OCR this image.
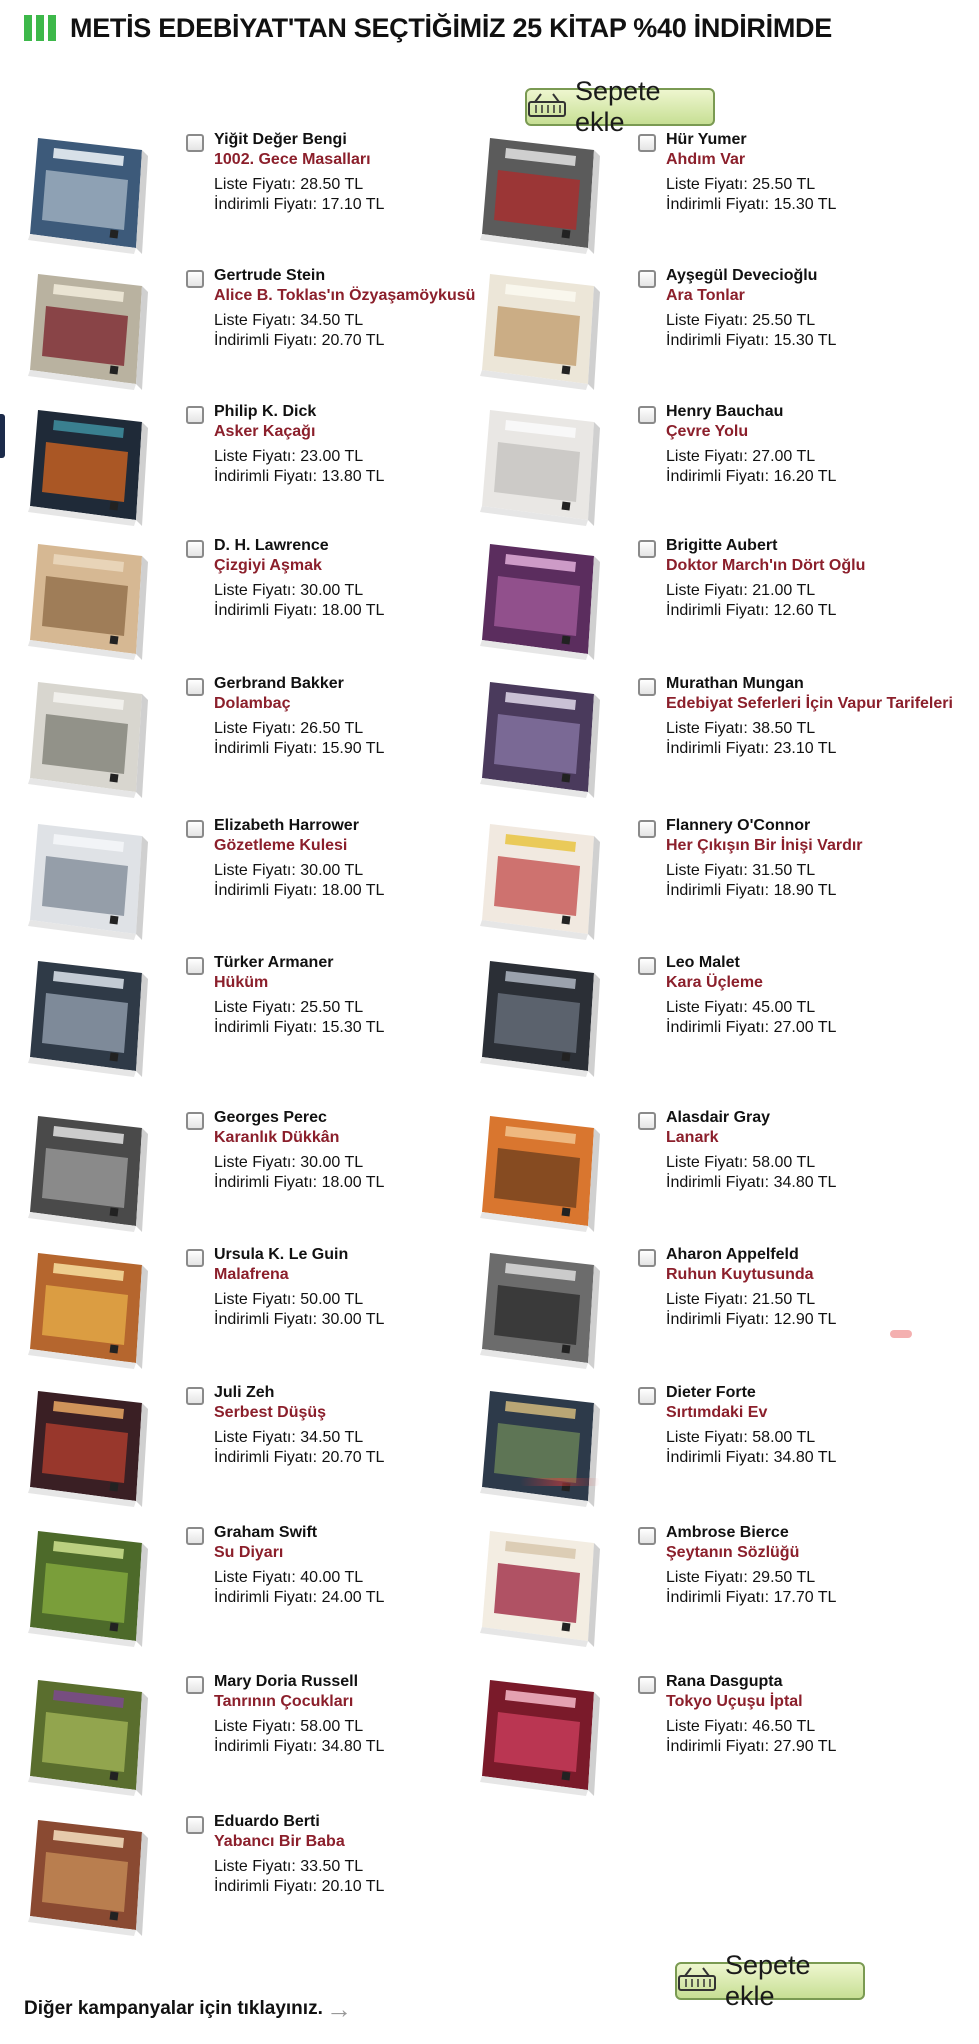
METİS EDEBİYAT'TAN SEÇTİĞİMİZ 25 KİTAP %40 İNDİRİMDE
Sepete ekle
Yiğit Değer Bengi
1002. Gece Masalları
Liste Fiyatı: 28.50 TL
İndirimli Fiyatı: 17.10 TL
Hür Yumer
Ahdım Var
Liste Fiyatı: 25.50 TL
İndirimli Fiyatı: 15.30 TL
Gertrude Stein
Alice B. Toklas'ın Özyaşamöykusü
Liste Fiyatı: 34.50 TL
İndirimli Fiyatı: 20.70 TL
Ayşegül Devecioğlu
Ara Tonlar
Liste Fiyatı: 25.50 TL
İndirimli Fiyatı: 15.30 TL
Philip K. Dick
Asker Kaçağı
Liste Fiyatı: 23.00 TL
İndirimli Fiyatı: 13.80 TL
Henry Bauchau
Çevre Yolu
Liste Fiyatı: 27.00 TL
İndirimli Fiyatı: 16.20 TL
D. H. Lawrence
Çizgiyi Aşmak
Liste Fiyatı: 30.00 TL
İndirimli Fiyatı: 18.00 TL
Brigitte Aubert
Doktor March'ın Dört Oğlu
Liste Fiyatı: 21.00 TL
İndirimli Fiyatı: 12.60 TL
Gerbrand Bakker
Dolambaç
Liste Fiyatı: 26.50 TL
İndirimli Fiyatı: 15.90 TL
Murathan Mungan
Edebiyat Seferleri İçin Vapur Tarifeleri
Liste Fiyatı: 38.50 TL
İndirimli Fiyatı: 23.10 TL
Elizabeth Harrower
Gözetleme Kulesi
Liste Fiyatı: 30.00 TL
İndirimli Fiyatı: 18.00 TL
Flannery O'Connor
Her Çıkışın Bir İnişi Vardır
Liste Fiyatı: 31.50 TL
İndirimli Fiyatı: 18.90 TL
Türker Armaner
Hüküm
Liste Fiyatı: 25.50 TL
İndirimli Fiyatı: 15.30 TL
Leo Malet
Kara Üçleme
Liste Fiyatı: 45.00 TL
İndirimli Fiyatı: 27.00 TL
Georges Perec
Karanlık Dükkân
Liste Fiyatı: 30.00 TL
İndirimli Fiyatı: 18.00 TL
Alasdair Gray
Lanark
Liste Fiyatı: 58.00 TL
İndirimli Fiyatı: 34.80 TL
Ursula K. Le Guin
Malafrena
Liste Fiyatı: 50.00 TL
İndirimli Fiyatı: 30.00 TL
Aharon Appelfeld
Ruhun Kuytusunda
Liste Fiyatı: 21.50 TL
İndirimli Fiyatı: 12.90 TL
Juli Zeh
Serbest Düşüş
Liste Fiyatı: 34.50 TL
İndirimli Fiyatı: 20.70 TL
Dieter Forte
Sırtımdaki Ev
Liste Fiyatı: 58.00 TL
İndirimli Fiyatı: 34.80 TL
Graham Swift
Su Diyarı
Liste Fiyatı: 40.00 TL
İndirimli Fiyatı: 24.00 TL
Ambrose Bierce
Şeytanın Sözlüğü
Liste Fiyatı: 29.50 TL
İndirimli Fiyatı: 17.70 TL
Mary Doria Russell
Tanrının Çocukları
Liste Fiyatı: 58.00 TL
İndirimli Fiyatı: 34.80 TL
Rana Dasgupta
Tokyo Uçuşu İptal
Liste Fiyatı: 46.50 TL
İndirimli Fiyatı: 27.90 TL
Eduardo Berti
Yabancı Bir Baba
Liste Fiyatı: 33.50 TL
İndirimli Fiyatı: 20.10 TL
Sepete ekle
Diğer kampanyalar için tıklayınız. →
